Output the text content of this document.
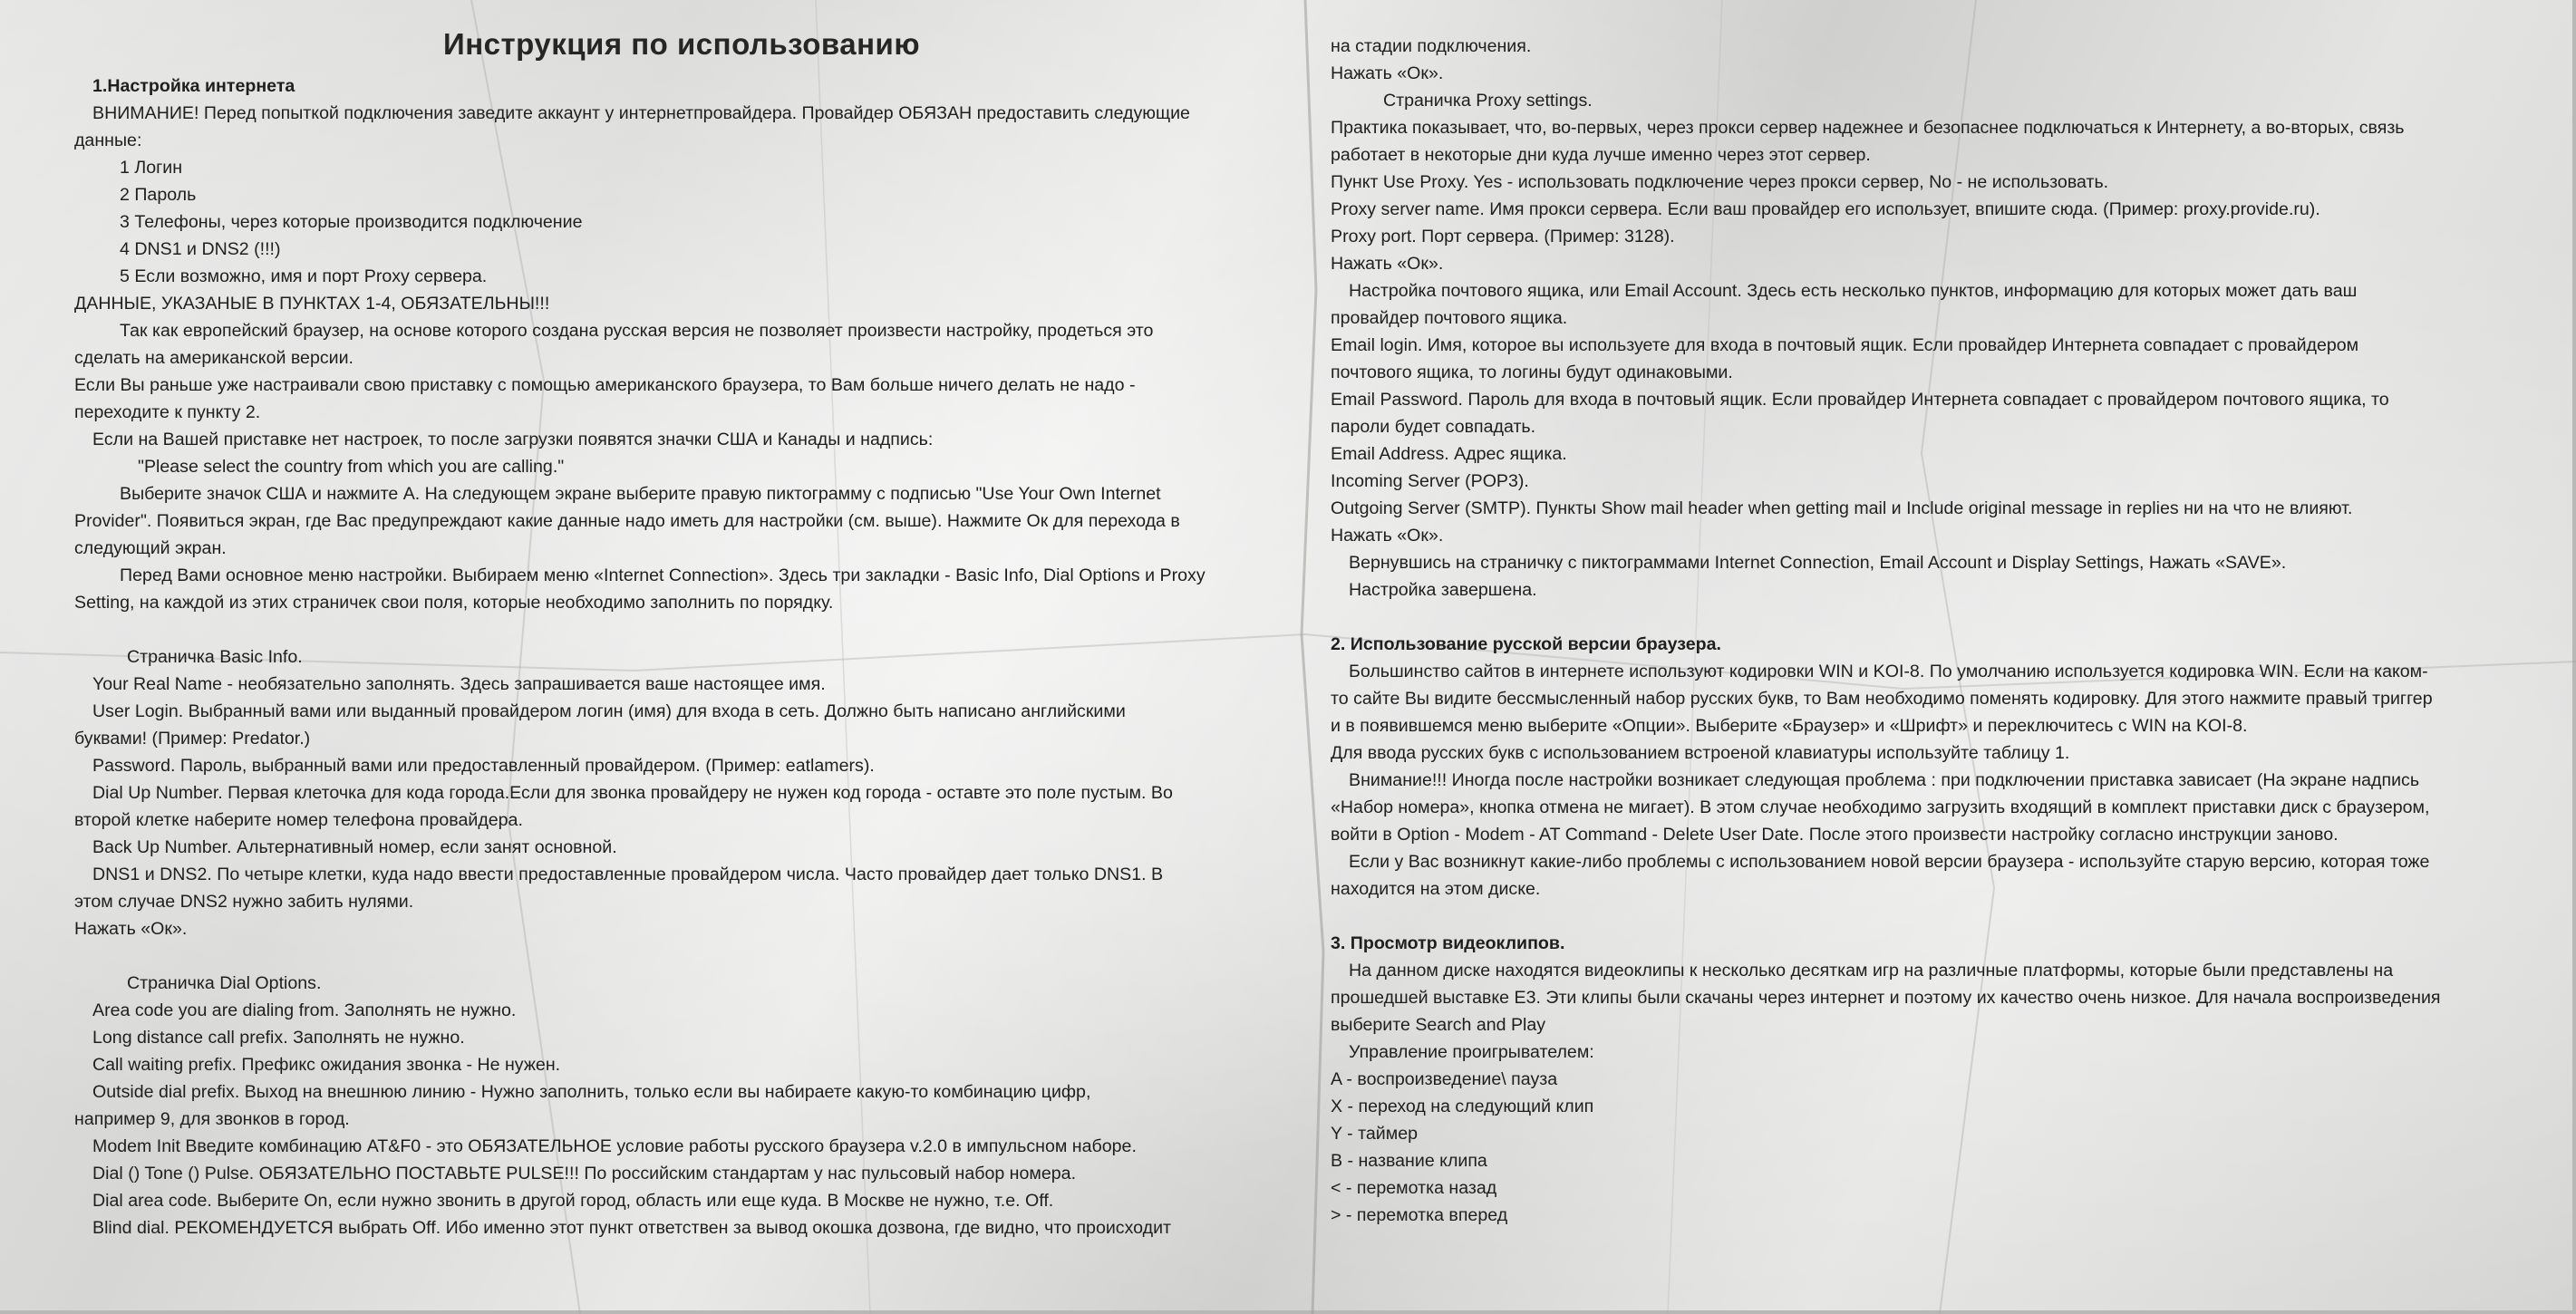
Инструкция по использованию
1.Настройка интернета
ВНИМАНИЕ! Перед попыткой подключения заведите аккаунт у интернетпровайдера. Провайдер ОБЯЗАН предоставить следующие
данные:
1 Логин
2 Пароль
3 Телефоны, через которые производится подключение
4 DNS1 и DNS2 (!!!)
5 Если возможно, имя и порт Proxy сервера.
ДАННЫЕ, УКАЗАНЫЕ В ПУНКТАХ 1-4, ОБЯЗАТЕЛЬНЫ!!!
Так как европейский браузер, на основе которого создана русская версия не позволяет произвести настройку, продеться это
сделать на американской версии.
Если Вы раньше уже настраивали свою приставку с помощью американского браузера, то Вам больше ничего делать не надо -
переходите к пункту 2.
Если на Вашей приставке нет настроек, то после загрузки появятся значки США и Канады и надпись:
"Please select the country from which you are calling."
Выберите значок США и нажмите A. На следующем экране выберите правую пиктограмму с подписью "Use Your Own Internet
Provider". Появиться экран, где Вас предупреждают какие данные надо иметь для настройки (см. выше). Нажмите Ок для перехода в
следующий экран.
Перед Вами основное меню настройки. Выбираем меню «Internet Connection». Здесь три закладки - Basic Info, Dial Options и Proxy
Setting, на каждой из этих страничек свои поля, которые необходимо заполнить по порядку.
Страничка Basic Info.
Your Real Name - необязательно заполнять. Здесь запрашивается ваше настоящее имя.
User Login. Выбранный вами или выданный провайдером логин (имя) для входа в сеть. Должно быть написано английскими
буквами! (Пример: Predator.)
Password. Пароль, выбранный вами или предоставленный провайдером. (Пример: eatlamers).
Dial Up Number. Первая клеточка для кода города.Если для звонка провайдеру не нужен код города - оставте это поле пустым. Во
второй клетке наберите номер телефона провайдера.
Back Up Number. Альтернативный номер, если занят основной.
DNS1 и DNS2. По четыре клетки, куда надо ввести предоставленные провайдером числа. Часто провайдер дает только DNS1. В
этом случае DNS2 нужно забить нулями.
Нажать «Ок».
Страничка Dial Options.
Area code you are dialing from. Заполнять не нужно.
Long distance call prefix. Заполнять не нужно.
Call waiting prefix. Префикс ожидания звонка - Не нужен.
Outside dial prefix. Выход на внешнюю линию - Нужно заполнить, только если вы набираете какую-то комбинацию цифр,
например 9, для звонков в город.
Modem Init Введите комбинацию AT&F0 - это ОБЯЗАТЕЛЬНОЕ условие работы русского браузера v.2.0 в импульсном наборе.
Dial () Tone () Pulse. ОБЯЗАТЕЛЬНО ПОСТАВЬТЕ PULSE!!! По российским стандартам у нас пульсовый набор номера.
Dial area code. Выберите On, если нужно звонить в другой город, область или еще куда. В Москве не нужно, т.е. Off.
Blind dial. РЕКОМЕНДУЕТСЯ выбрать Off. Ибо именно этот пункт ответствен за вывод окошка дозвона, где видно, что происходит
на стадии подключения.
Нажать «Ок».
Страничка Proxy settings.
Практика показывает, что, во-первых, через прокси сервер надежнее и безопаснее подключаться к Интернету, а во-вторых, связь
работает в некоторые дни куда лучше именно через этот сервер.
Пункт Use Proxy. Yes - использовать подключение через прокси сервер, No - не использовать.
Proxy server name. Имя прокси сервера. Если ваш провайдер его использует, впишите сюда. (Пример: proxy.provide.ru).
Proxy port. Порт сервера. (Пример: 3128).
Нажать «Ок».
Настройка почтового ящика, или Email Account. Здесь есть несколько пунктов, информацию для которых может дать ваш
провайдер почтового ящика.
Email login. Имя, которое вы используете для входа в почтовый ящик. Если провайдер Интернета совпадает с провайдером
почтового ящика, то логины будут одинаковыми.
Email Password. Пароль для входа в почтовый ящик. Если провайдер Интернета совпадает с провайдером почтового ящика, то
пароли будет совпадать.
Email Address. Адрес ящика.
Incoming Server (POP3).
Outgoing Server (SMTP). Пункты Show mail header when getting mail и Include original message in replies ни на что не влияют.
Нажать «Ок».
Вернувшись на страничку с пиктограммами Internet Connection, Email Account и Display Settings, Нажать «SAVE».
Настройка завершена.
2. Использование русской версии браузера.
Большинство сайтов в интернете используют кодировки WIN и KOI-8. По умолчанию используется кодировка WIN. Если на каком-
то сайте Вы видите бессмысленный набор русских букв, то Вам необходимо поменять кодировку. Для этого нажмите правый триггер
и в появившемся меню выберите «Опции». Выберите «Браузер» и «Шрифт» и переключитесь с WIN на KOI-8.
Для ввода русских букв с использованием встроеной клавиатуры используйте таблицу 1.
Внимание!!! Иногда после настройки возникает следующая проблема : при подключении приставка зависает (На экране надпись
«Набор номера», кнопка отмена не мигает). В этом случае необходимо загрузить входящий в комплект приставки диск с браузером,
войти в Option - Modem - AT Command - Delete User Date. После этого произвести настройку согласно инструкции заново.
Если у Вас возникнут какие-либо проблемы с использованием новой версии браузера - используйте старую версию, которая тоже
находится на этом диске.
3. Просмотр видеоклипов.
На данном диске находятся видеоклипы к несколько десяткам игр на различные платформы, которые были представлены на
прошедшей выставке E3. Эти клипы были скачаны через интернет и поэтому их качество очень низкое. Для начала воспроизведения
выберите Search and Play
Управление проигрывателем:
A - воспроизведение\ пауза
X - переход на следующий клип
Y - таймер
B - название клипа
< - перемотка назад
> - перемотка вперед
